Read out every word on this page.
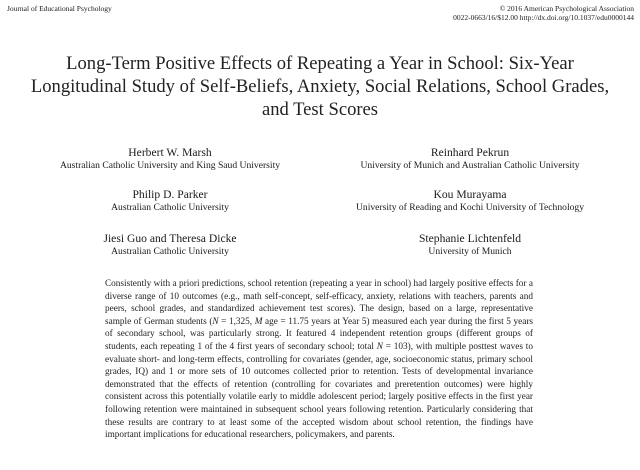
Journal of Educational Psychology	© 2016 American Psychological Association
0022-0663/16/$12.00 http://dx.doi.org/10.1037/edu0000144
Long-Term Positive Effects of Repeating a Year in School: Six-Year Longitudinal Study of Self-Beliefs, Anxiety, Social Relations, School Grades, and Test Scores
Herbert W. Marsh
Australian Catholic University and King Saud University
Reinhard Pekrun
University of Munich and Australian Catholic University
Philip D. Parker
Australian Catholic University
Kou Murayama
University of Reading and Kochi University of Technology
Jiesi Guo and Theresa Dicke
Australian Catholic University
Stephanie Lichtenfeld
University of Munich

Consistently with a priori predictions, school retention (repeating a year in school) had largely positive effects for a diverse range of 10 outcomes (e.g., math self-concept, self-efficacy, anxiety, relations with teachers, parents and peers, school grades, and standardized achievement test scores). The design, based on a large, representative sample of German students (N = 1,325, M age = 11.75 years at Year 5) measured each year during the first 5 years of secondary school, was particularly strong. It featured 4 independent retention groups (different groups of students, each repeating 1 of the 4 first years of secondary school; total N = 103), with multiple posttest waves to evaluate short- and long-term effects, controlling for covariates (gender, age, socioeconomic status, primary school grades, IQ) and 1 or more sets of 10 outcomes collected prior to retention. Tests of developmental invariance demonstrated that the effects of retention (controlling for covariates and preretention outcomes) were highly consistent across this potentially volatile early to middle adolescent period; largely positive effects in the first year following retention were maintained in subsequent school years following retention. Particularly considering that these results are contrary to at least some of the accepted wisdom about school retention, the findings have important implications for educational researchers, policymakers, and parents.
